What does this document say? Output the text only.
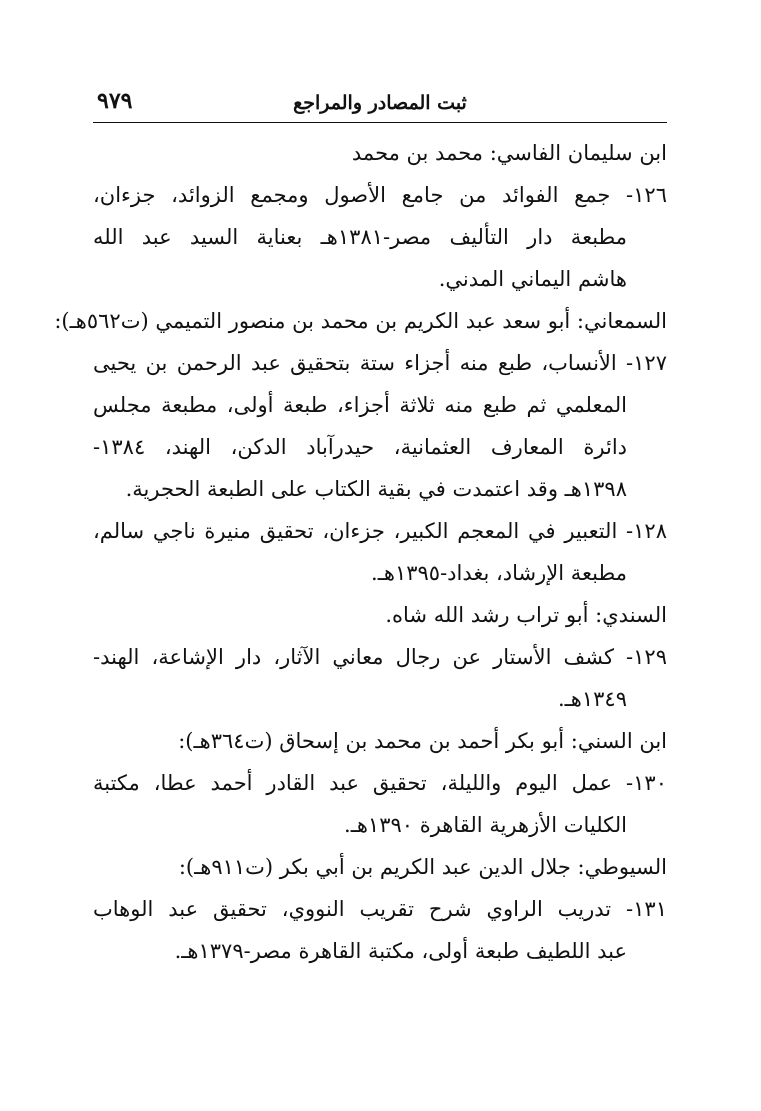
٩٧٩	ثبت المصادر والمراجع
ابن سليمان الفاسي: محمد بن محمد
١٢٦- جمع الفوائد من جامع الأصول ومجمع الزوائد، جزءان،
مطبعة دار التأليف مصر-١٣٨١هـ بعناية السيد عبد الله
هاشم اليماني المدني.
السمعاني: أبو سعد عبد الكريم بن محمد بن منصور التميمي (ت٥٦٢هـ):
١٢٧- الأنساب، طبع منه أجزاء ستة بتحقيق عبد الرحمن بن يحيى
المعلمي ثم طبع منه ثلاثة أجزاء، طبعة أولى، مطبعة مجلس
دائرة المعارف العثمانية، حيدرآباد الدكن، الهند، ١٣٨٤-
١٣٩٨هـ وقد اعتمدت في بقية الكتاب على الطبعة الحجرية.
١٢٨- التعبير في المعجم الكبير، جزءان، تحقيق منيرة ناجي سالم،
مطبعة الإرشاد، بغداد-١٣٩٥هـ.
السندي: أبو تراب رشد الله شاه.
١٢٩- كشف الأستار عن رجال معاني الآثار، دار الإشاعة، الهند-
١٣٤٩هـ.
ابن السني: أبو بكر أحمد بن محمد بن إسحاق (ت٣٦٤هـ):
١٣٠- عمل اليوم والليلة، تحقيق عبد القادر أحمد عطا، مكتبة
الكليات الأزهرية القاهرة ١٣٩٠هـ.
السيوطي: جلال الدين عبد الكريم بن أبي بكر (ت٩١١هـ):
١٣١- تدريب الراوي شرح تقريب النووي، تحقيق عبد الوهاب
عبد اللطيف طبعة أولى، مكتبة القاهرة مصر-١٣٧٩هـ.
